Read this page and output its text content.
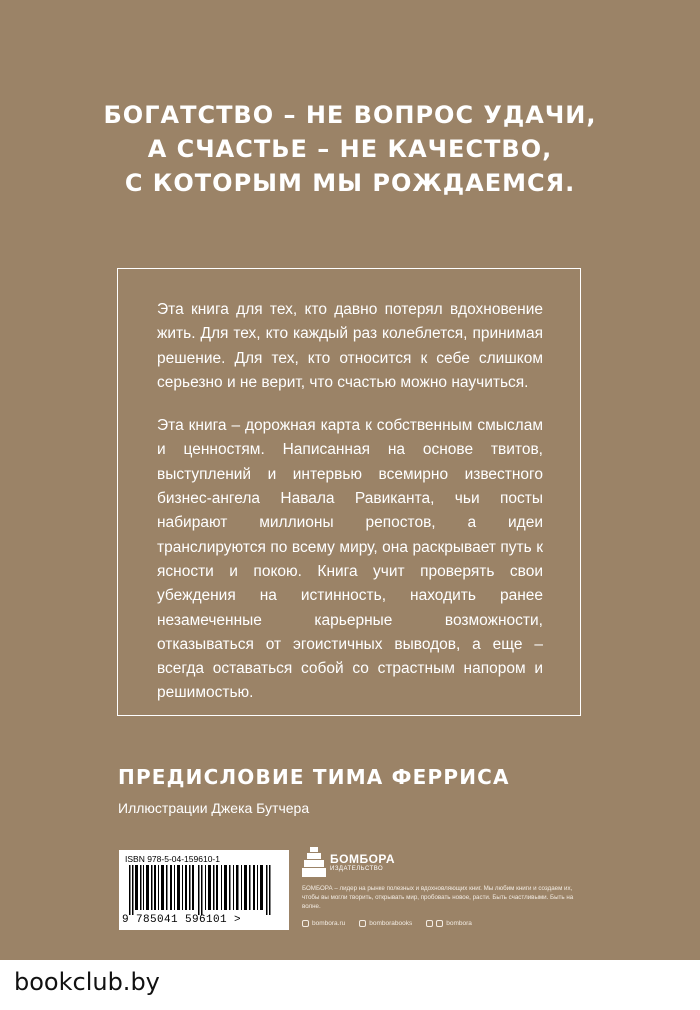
БОГАТСТВО – НЕ ВОПРОС УДАЧИ,
А СЧАСТЬЕ – НЕ КАЧЕСТВО,
С КОТОРЫМ МЫ РОЖДАЕМСЯ.

Эта книга для тех, кто давно потерял вдохновение жить. Для тех, кто каждый раз колеблется, принимая решение. Для тех, кто относится к себе слишком серьезно и не верит, что счастью можно научиться.

Эта книга – дорожная карта к собственным смыслам и ценностям. Написанная на основе твитов, выступлений и интервью всемирно известного бизнес-ангела Навала Равиканта, чьи посты набирают миллионы репостов, а идеи транслируются по всему миру, она раскрывает путь к ясности и покою. Книга учит проверять свои убеждения на истинность, находить ранее незамеченные карьерные возможности, отказываться от эгоистичных выводов, а еще – всегда оставаться собой со страстным напором и решимостью.

ПРЕДИСЛОВИЕ ТИМА ФЕРРИСА
Иллюстрации Джека Бутчера
ISBN 978-5-04-159610-1
9 785041 596101 >
БОМБОРА
ИЗДАТЕЛЬСТВО
БОМБОРА – лидер на рынке полезных и вдохновляющих книг. Мы любим книги и создаем их, чтобы вы могли творить, открывать мир, пробовать новое, расти. Быть счастливыми. Быть на волне.
bombora.ru	bomborabooks	bombora
bookclub.by
